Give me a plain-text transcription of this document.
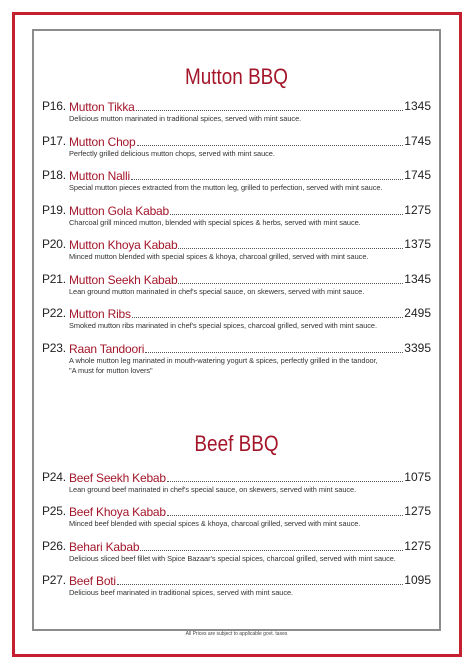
Mutton BBQ
P16. Mutton Tikka	1345
Delicious mutton marinated in traditional spices, served with mint sauce.
P17. Mutton Chop	1745
Perfectly grilled delicious mutton chops, served with mint sauce.
P18. Mutton Nalli	1745
Special mutton pieces extracted from the mutton leg, grilled to perfection, served with mint sauce.
P19. Mutton Gola Kabab	1275
Charcoal grill minced mutton, blended with special spices & herbs, served with mint sauce.
P20. Mutton Khoya Kabab	1375
Minced mutton blended with special spices & khoya, charcoal grilled, served with mint sauce.
P21. Mutton Seekh Kabab	1345
Lean ground mutton marinated in chef's special sauce, on skewers, served with mint sauce.
P22. Mutton Ribs	2495
Smoked mutton ribs marinated in chef's special spices, charcoal grilled, served with mint sauce.
P23. Raan Tandoori	3395
A whole mutton leg marinated in mouth-watering yogurt & spices, perfectly grilled in the tandoor,
"A must for mutton lovers"
Beef BBQ
P24. Beef Seekh Kebab	1075
Lean ground beef marinated in chef's special sauce, on skewers, served with mint sauce.
P25. Beef Khoya Kabab	1275
Minced beef blended with special spices & khoya, charcoal grilled, served with mint sauce.
P26. Behari Kabab	1275
Delicious sliced beef fillet with Spice Bazaar's special spices, charcoal grilled, served with mint sauce.
P27. Beef Boti	1095
Delicious beef marinated in traditional spices, served with mint sauce.
All Prices are subject to applicable govt. taxes
